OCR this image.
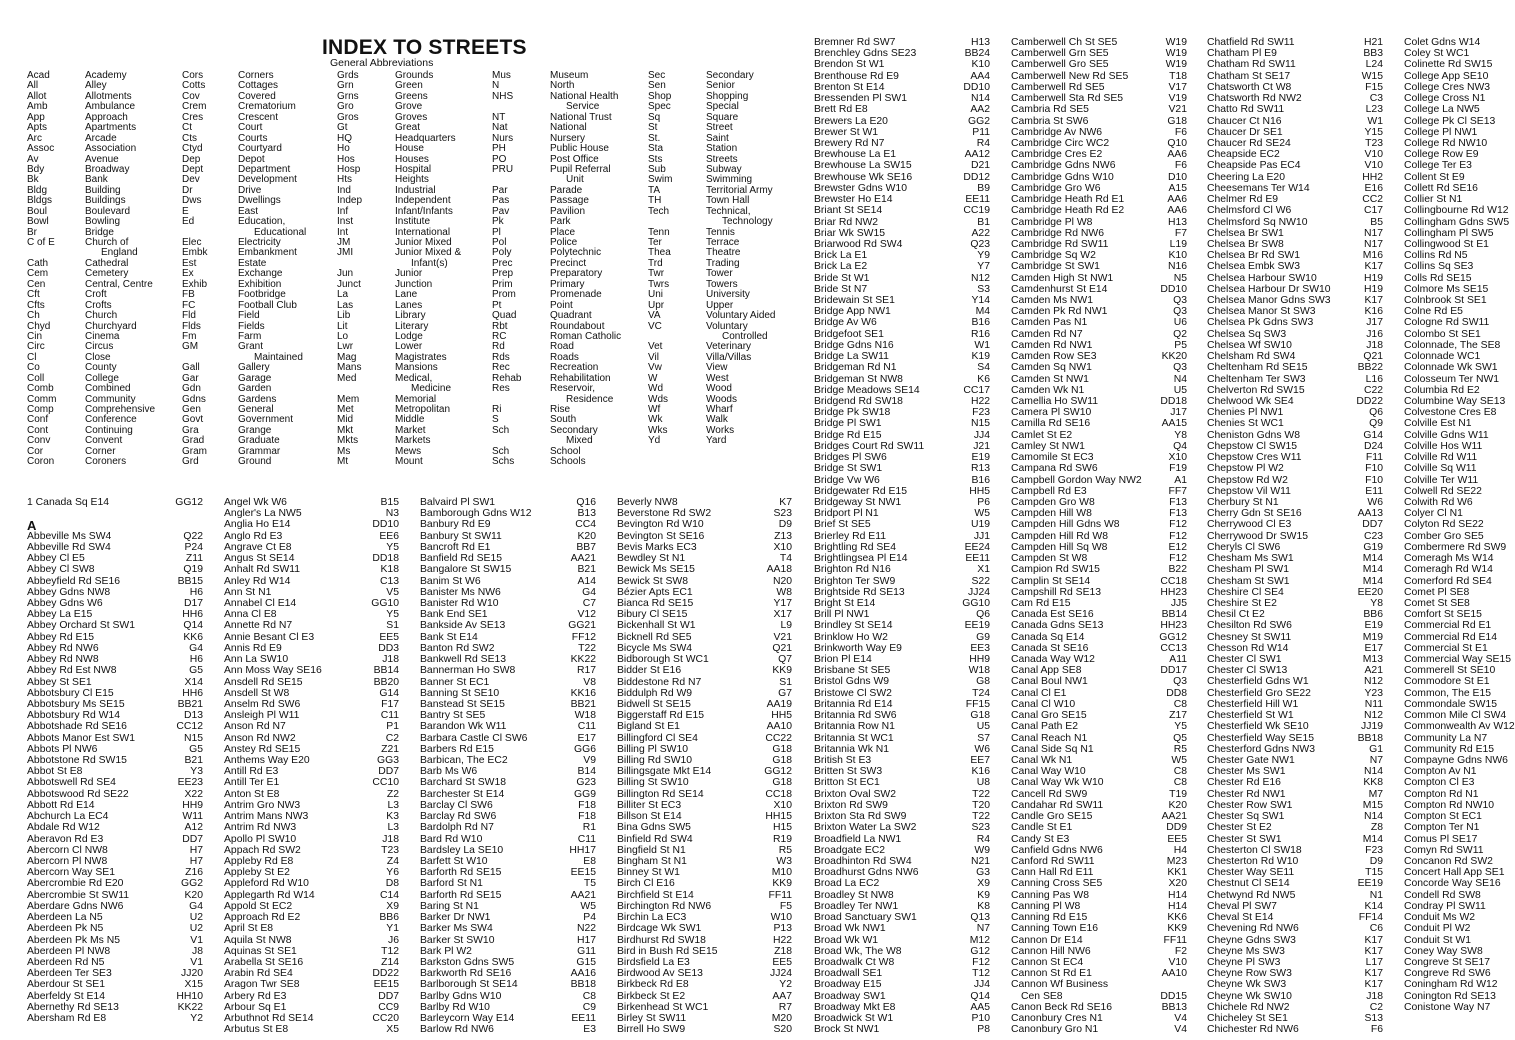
INDEX TO STREETS
General Abbreviations
Acad	Academy
All	Alley
Allot	Allotments
Amb	Ambulance
App	Approach
Apts	Apartments
Arc	Arcade
Assoc	Association
Av	Avenue
Bdy	Broadway
Bk	Bank
Bldg	Building
Bldgs	Buildings
Boul	Boulevard
Bowl	Bowling
Br	Bridge
C of E	Church of
England
Cath	Cathedral
Cem	Cemetery
Cen	Central, Centre
Cft	Croft
Cfts	Crofts
Ch	Church
Chyd	Churchyard
Cin	Cinema
Circ	Circus
Cl	Close
Co	County
Coll	College
Comb	Combined
Comm	Community
Comp	Comprehensive
Conf	Conference
Cont	Continuing
Conv	Convent
Cor	Corner
Coron	Coroners
Cors	Corners
Cotts	Cottages
Cov	Covered
Crem	Crematorium
Cres	Crescent
Ct	Court
Cts	Courts
Ctyd	Courtyard
Dep	Depot
Dept	Department
Dev	Development
Dr	Drive
Dws	Dwellings
E	East
Ed	Education,
Educational
Elec	Electricity
Embk	Embankment
Est	Estate
Ex	Exchange
Exhib	Exhibition
FB	Footbridge
FC	Football Club
Fld	Field
Flds	Fields
Fm	Farm
GM	Grant
Maintained
Gall	Gallery
Gar	Garage
Gdn	Garden
Gdns	Gardens
Gen	General
Govt	Government
Gra	Grange
Grad	Graduate
Gram	Grammar
Grd	Ground
Grds	Grounds
Grn	Green
Grns	Greens
Gro	Grove
Gros	Groves
Gt	Great
HQ	Headquarters
Ho	House
Hos	Houses
Hosp	Hospital
Hts	Heights
Ind	Industrial
Indep	Independent
Inf	Infant/Infants
Inst	Institute
Int	International
JM	Junior Mixed
JMI	Junior Mixed &
Infant(s)
Jun	Junior
Junct	Junction
La	Lane
Las	Lanes
Lib	Library
Lit	Literary
Lo	Lodge
Lwr	Lower
Mag	Magistrates
Mans	Mansions
Med	Medical,
Medicine
Mem	Memorial
Met	Metropolitan
Mid	Middle
Mkt	Market
Mkts	Markets
Ms	Mews
Mt	Mount
Mus	Museum
N	North
NHS	National Health
Service
NT	National Trust
Nat	National
Nurs	Nursery
PH	Public House
PO	Post Office
PRU	Pupil Referral
Unit
Par	Parade
Pas	Passage
Pav	Pavilion
Pk	Park
Pl	Place
Pol	Police
Poly	Polytechnic
Prec	Precinct
Prep	Preparatory
Prim	Primary
Prom	Promenade
Pt	Point
Quad	Quadrant
Rbt	Roundabout
RC	Roman Catholic
Rd	Road
Rds	Roads
Rec	Recreation
Rehab	Rehabilitation
Res	Reservoir,
Residence
Ri	Rise
S	South
Sch	Secondary
Mixed
Sch	School
Schs	Schools
Sec	Secondary
Sen	Senior
Shop	Shopping
Spec	Special
Sq	Square
St	Street
St.	Saint
Sta	Station
Sts	Streets
Sub	Subway
Swim	Swimming
TA	Territorial Army
TH	Town Hall
Tech	Technical,
Technology
Tenn	Tennis
Ter	Terrace
Thea	Theatre
Trd	Trading
Twr	Tower
Twrs	Towers
Uni	University
Upr	Upper
VA	Voluntary Aided
VC	Voluntary
Controlled
Vet	Veterinary
Vil	Villa/Villas
Vw	View
W	West
Wd	Wood
Wds	Woods
Wf	Wharf
Wk	Walk
Wks	Works
Yd	Yard
1 Canada Sq E14	GG12
A
Abbeville Ms SW4	Q22
Abbeville Rd SW4	P24
Abbey Cl E5	Z11
Abbey Cl SW8	Q19
Abbeyfield Rd SE16	BB15
Abbey Gdns NW8	H6
Abbey Gdns W6	D17
Abbey La E15	HH6
Abbey Orchard St SW1	Q14
Abbey Rd E15	KK6
Abbey Rd NW6	G4
Abbey Rd NW8	H6
Abbey Rd Est NW8	G5
Abbey St SE1	X14
Abbotsbury Cl E15	HH6
Abbotsbury Ms SE15	BB21
Abbotsbury Rd W14	D13
Abbotshade Rd SE16	CC12
Abbots Manor Est SW1	N15
Abbots Pl NW6	G5
Abbotstone Rd SW15	B21
Abbot St E8	Y3
Abbotswell Rd SE4	EE23
Abbotswood Rd SE22	X22
Abbott Rd E14	HH9
Abchurch La EC4	W11
Abdale Rd W12	A12
Aberavon Rd E3	DD7
Abercorn Cl NW8	H7
Abercorn Pl NW8	H7
Abercorn Way SE1	Z16
Abercrombie Rd E20	GG2
Abercrombie St SW11	K20
Aberdare Gdns NW6	G4
Aberdeen La N5	U2
Aberdeen Pk N5	U2
Aberdeen Pk Ms N5	V1
Aberdeen Pl NW8	J8
Aberdeen Rd N5	V1
Aberdeen Ter SE3	JJ20
Aberdour St SE1	X15
Aberfeldy St E14	HH10
Abernethy Rd SE13	KK22
Abersham Rd E8	Y2
Angel Wk W6	B15
Angler's La NW5	N3
Anglia Ho E14	DD10
Anglo Rd E3	EE6
Angrave Ct E8	Y5
Angus St SE14	DD18
Anhalt Rd SW11	K18
Anley Rd W14	C13
Ann St N1	V5
Annabel Cl E14	GG10
Anna Cl E8	Y5
Annette Rd N7	S1
Annie Besant Cl E3	EE5
Annis Rd E9	DD3
Ann La SW10	J18
Ann Moss Way SE16	BB14
Ansdell Rd SE15	BB20
Ansdell St W8	G14
Anselm Rd SW6	F17
Ansleigh Pl W11	C11
Anson Rd N7	P1
Anson Rd NW2	C2
Anstey Rd SE15	Z21
Anthems Way E20	GG3
Antill Rd E3	DD7
Antill Ter E1	CC10
Anton St E8	Z2
Antrim Gro NW3	L3
Antrim Mans NW3	K3
Antrim Rd NW3	L3
Apollo Pl SW10	J18
Appach Rd SW2	T23
Appleby Rd E8	Z4
Appleby St E2	Y6
Appleford Rd W10	D8
Applegarth Rd W14	C14
Appold St EC2	X9
Approach Rd E2	BB6
April St E8	Y1
Aquila St NW8	J6
Aquinas St SE1	T12
Arabella St SE16	Z14
Arabin Rd SE4	DD22
Aragon Twr SE8	EE15
Arbery Rd E3	DD7
Arbour Sq E1	CC9
Arbuthnot Rd SE14	CC20
Arbutus St E8	X5
Balvaird Pl SW1	Q16
Bamborough Gdns W12	B13
Banbury Rd E9	CC4
Banbury St SW11	K20
Bancroft Rd E1	BB7
Banfield Rd SE15	AA21
Bangalore St SW15	B21
Banim St W6	A14
Banister Ms NW6	G4
Banister Rd W10	C7
Bank End SE1	V12
Bankside Av SE13	GG21
Bank St E14	FF12
Banton Rd SW2	T22
Bankwell Rd SE13	KK22
Bannerman Ho SW8	R17
Banner St EC1	V8
Banning St SE10	KK16
Banstead St SE15	BB21
Bantry St SE5	W18
Barandon Wk W11	C11
Barbara Castle Cl SW6	E17
Barbers Rd E15	GG6
Barbican, The EC2	V9
Barb Ms W6	B14
Barchard St SW18	G23
Barchester St E14	GG9
Barclay Cl SW6	F18
Barclay Rd SW6	F18
Bardolph Rd N7	R1
Bard Rd W10	C11
Bardsley La SE10	HH17
Barfett St W10	E8
Barforth Rd SE15	EE15
Barford St N1	T5
Barforth Rd SE15	AA21
Baring St N1	W5
Barker Dr NW1	P4
Barker Ms SW4	N22
Barker St SW10	H17
Bark Pl W2	G11
Barkston Gdns SW5	G15
Barkworth Rd SE16	AA16
Barlborough St SE14	BB18
Barlby Gdns W10	C8
Barlby Rd W10	C9
Barleycorn Way E14	EE11
Barlow Rd NW6	E3
Beverly NW8	K7
Beverstone Rd SW2	S23
Bevington Rd W10	D9
Bevington St SE16	Z13
Bevis Marks EC3	X10
Bewdley St N1	T4
Bewick Ms SE15	AA18
Bewick St SW8	N20
Bézier Apts EC1	W8
Bianca Rd SE15	Y17
Bibury Cl SE15	X17
Bickenhall St W1	L9
Bicknell Rd SE5	V21
Bicycle Ms SW4	Q21
Bidborough St WC1	Q7
Bidder St E16	KK9
Biddestone Rd N7	S1
Biddulph Rd W9	G7
Bidwell St SE15	AA19
Biggerstaff Rd E15	HH5
Bigland St E1	AA10
Billingford Cl SE4	CC22
Billing Pl SW10	G18
Billing Rd SW10	G18
Billingsgate Mkt E14	GG12
Billing St SW10	G18
Billington Rd SE14	CC18
Billiter St EC3	X10
Billson St E14	HH15
Bina Gdns SW5	H15
Binfield Rd SW4	R19
Bingfield St N1	R5
Bingham St N1	W3
Binney St W1	M10
Birch Cl E16	KK9
Birchfield St E14	FF11
Birchington Rd NW6	F5
Birchin La EC3	W10
Birdcage Wk SW1	P13
Birdhurst Rd SW18	H22
Bird in Bush Rd SE15	Z18
Birdsfield La E3	EE5
Birdwood Av SE13	JJ24
Birkbeck Rd E8	Y2
Birkbeck St E2	AA7
Birkenhead St WC1	R7
Birley St SW11	M20
Birrell Ho SW9	S20
Bremner Rd SW7	H13
Brenchley Gdns SE23	BB24
Brendon St W1	K10
Brenthouse Rd E9	AA4
Brenton St E14	DD10
Bressenden Pl SW1	N14
Brett Rd E8	AA2
Brewers La E20	GG2
Brewer St W1	P11
Brewery Rd N7	R4
Brewhouse La E1	AA12
Brewhouse La SW15	D21
Brewhouse Wk SE16	DD12
Brewster Gdns W10	B9
Brewster Ho E14	EE11
Briant St SE14	CC19
Briar Rd NW2	B1
Briar Wk SW15	A22
Briarwood Rd SW4	Q23
Brick La E1	Y9
Brick La E2	Y7
Bride St W1	N12
Bride St N7	S3
Bridewain St SE1	Y14
Bridge App NW1	M4
Bridge Av W6	B16
Bridgefoot SE1	R16
Bridge Gdns N16	W1
Bridge La SW11	K19
Bridgeman Rd N1	S4
Bridgeman St NW8	K6
Bridge Meadows SE14	CC17
Bridgend Rd SW18	H22
Bridge Pk SW18	F23
Bridge Pl SW1	N15
Bridge Rd E15	JJ4
Bridges Court Rd SW11	J21
Bridges Pl SW6	E19
Bridge St SW1	R13
Bridge Vw W6	B16
Bridgewater Rd E15	HH5
Bridgeway St NW1	P6
Bridport Pl N1	W5
Brief St SE5	U19
Brierley Rd E11	JJ1
Brightling Rd SE4	EE24
Brightlingsea Pl E14	EE11
Brighton Rd N16	X1
Brighton Ter SW9	S22
Brightside Rd SE13	JJ24
Bright St E14	GG10
Brill Pl NW1	Q6
Brindley St SE14	EE19
Brinklow Ho W2	G9
Brinkworth Way E9	EE3
Brion Pl E14	HH9
Brisbane St SE5	W18
Bristol Gdns W9	G8
Bristowe Cl SW2	T24
Britannia Rd E14	FF15
Britannia Rd SW6	G18
Britannia Row N1	U5
Britannia St WC1	S7
Britannia Wk N1	W6
British St E3	EE7
Britten St SW3	K16
Britton St EC1	U8
Brixton Oval SW2	T22
Brixton Rd SW9	T20
Brixton Sta Rd SW9	T22
Brixton Water La SW2	S23
Broadfield La NW1	R4
Broadgate EC2	W9
Broadhinton Rd SW4	N21
Broadhurst Gdns NW6	G3
Broad La EC2	X9
Broadley St NW8	K9
Broadley Ter NW1	K8
Broad Sanctuary SW1	Q13
Broad Wk NW1	N7
Broad Wk W1	M12
Broad Wk, The W8	G12
Broadwalk Ct W8	F12
Broadwall SE1	T12
Broadway E15	JJ4
Broadway SW1	Q14
Broadway Mkt E8	AA5
Broadwick St W1	P10
Brock St NW1	P8
Camberwell Ch St SE5	W19
Camberwell Grn SE5	W19
Camberwell Gro SE5	W19
Camberwell New Rd SE5	T18
Camberwell Rd SE5	V17
Camberwell Sta Rd SE5	V19
Cambria Rd SE5	V21
Cambria St SW6	G18
Cambridge Av NW6	F6
Cambridge Circ WC2	Q10
Cambridge Cres E2	AA6
Cambridge Gdns NW6	F6
Cambridge Gdns W10	D10
Cambridge Gro W6	A15
Cambridge Heath Rd E1	AA6
Cambridge Heath Rd E2	AA6
Cambridge Pl W8	H13
Cambridge Rd NW6	F7
Cambridge Rd SW11	L19
Cambridge Sq W2	K10
Cambridge St SW1	N16
Camden High St NW1	N5
Camdenhurst St E14	DD10
Camden Ms NW1	Q3
Camden Pk Rd NW1	Q3
Camden Pas N1	U6
Camden Rd N7	Q2
Camden Rd NW1	P5
Camden Row SE3	KK20
Camden Sq NW1	Q3
Camden St NW1	N4
Camden Wk N1	U5
Camellia Ho SW11	DD18
Camera Pl SW10	J17
Camilla Rd SE16	AA15
Camlet St E2	Y8
Camley St NW1	Q4
Camomile St EC3	X10
Campana Rd SW6	F19
Campbell Gordon Way NW2	A1
Campbell Rd E3	FF7
Campden Gro W8	F13
Campden Hill W8	F13
Campden Hill Gdns W8	F12
Campden Hill Rd W8	F12
Campden Hill Sq W8	E12
Campden St W8	F12
Campion Rd SW15	B22
Camplin St SE14	CC18
Campshill Rd SE13	HH23
Cam Rd E15	JJ5
Canada Est SE16	BB14
Canada Gdns SE13	HH23
Canada Sq E14	GG12
Canada St SE16	CC13
Canada Way W12	A11
Canal App SE8	DD17
Canal Boul NW1	Q3
Canal Cl E1	DD8
Canal Cl W10	C8
Canal Gro SE15	Z17
Canal Path E2	Y5
Canal Reach N1	Q5
Canal Side Sq N1	R5
Canal Wk N1	W5
Canal Way W10	C8
Canal Way Wk W10	C8
Cancell Rd SW9	T19
Candahar Rd SW11	K20
Candle Gro SE15	AA21
Candle St E1	DD9
Candy St E3	EE5
Canfield Gdns NW6	H4
Canford Rd SW11	M23
Cann Hall Rd E11	KK1
Canning Cross SE5	X20
Canning Pas W8	H14
Canning Pl W8	H14
Canning Rd E15	KK6
Canning Town E16	KK9
Cannon Dr E14	FF11
Cannon Hill NW6	F2
Cannon St EC4	V10
Cannon St Rd E1	AA10
Cannon Wf Business
Cen SE8	DD15
Canon Beck Rd SE16	BB13
Canonbury Cres N1	V4
Canonbury Gro N1	V4
Chatfield Rd SW11	H21
Chatham Pl E9	BB3
Chatham Rd SW11	L24
Chatham St SE17	W15
Chatsworth Ct W8	F15
Chatsworth Rd NW2	C3
Chatto Rd SW11	L23
Chaucer Ct N16	W1
Chaucer Dr SE1	Y15
Chaucer Rd SE24	T23
Cheapside EC2	V10
Cheapside Pas EC4	V10
Cheering La E20	HH2
Cheesemans Ter W14	E16
Chelmer Rd E9	CC2
Chelmsford Cl W6	C17
Chelmsford Sq NW10	B5
Chelsea Br SW1	N17
Chelsea Br SW8	N17
Chelsea Br Rd SW1	M16
Chelsea Embk SW3	K17
Chelsea Harbour SW10	H19
Chelsea Harbour Dr SW10	H19
Chelsea Manor Gdns SW3	K17
Chelsea Manor St SW3	K16
Chelsea Pk Gdns SW3	J17
Chelsea Sq SW3	J16
Chelsea Wf SW10	J18
Chelsham Rd SW4	Q21
Cheltenham Rd SE15	BB22
Cheltenham Ter SW3	L16
Chelverton Rd SW15	C22
Chelwood Wk SE4	DD22
Chenies Pl NW1	Q6
Chenies St WC1	Q9
Cheniston Gdns W8	G14
Chepstow Cl SW15	D24
Chepstow Cres W11	F11
Chepstow Pl W2	F10
Chepstow Rd W2	F10
Chepstow Vil W11	E11
Cherbury St N1	W6
Cherry Gdn St SE16	AA13
Cherrywood Cl E3	DD7
Cherrywood Dr SW15	C23
Cheryls Cl SW6	G19
Chesham Ms SW1	M14
Chesham Pl SW1	M14
Chesham St SW1	M14
Cheshire Cl SE4	EE20
Cheshire St E2	Y8
Chesil Ct E2	BB6
Chesilton Rd SW6	E19
Chesney St SW11	M19
Chesson Rd W14	E17
Chester Cl SW1	M13
Chester Cl SW13	A21
Chesterfield Gdns W1	N12
Chesterfield Gro SE22	Y23
Chesterfield Hill W1	N11
Chesterfield St W1	N12
Chesterfield Wk SE10	JJ19
Chesterfield Way SE15	BB18
Chesterford Gdns NW3	G1
Chester Gate NW1	N7
Chester Ms SW1	N14
Chester Rd E16	KK8
Chester Rd NW1	M7
Chester Row SW1	M15
Chester Sq SW1	N14
Chester St E2	Z8
Chester St SW1	M14
Chesterton Cl SW18	F23
Chesterton Rd W10	D9
Chester Way SE11	T15
Chestnut Cl SE14	EE19
Chetwynd Rd NW5	N1
Cheval Pl SW7	K14
Cheval St E14	FF14
Chevening Rd NW6	C6
Cheyne Gdns SW3	K17
Cheyne Ms SW3	K17
Cheyne Pl SW3	L17
Cheyne Row SW3	K17
Cheyne Wk SW3	K17
Cheyne Wk SW10	J18
Chichele Rd NW2	C2
Chicheley St SE1	S13
Chichester Rd NW6	F6
Colet Gdns W14
Coley St WC1
Colinette Rd SW15
College App SE10
College Cres NW3
College Cross N1
College La NW5
College Pk Cl SE13
College Pl NW1
College Rd NW10
College Row E9
College Ter E3
Collent St E9
Collett Rd SE16
Collier St N1
Collingbourne Rd W12
Collingham Gdns SW5
Collingham Pl SW5
Collingwood St E1
Collins Rd N5
Collins Sq SE3
Colls Rd SE15
Colmore Ms SE15
Colnbrook St SE1
Colne Rd E5
Cologne Rd SW11
Colombo St SE1
Colonnade, The SE8
Colonnade WC1
Colonnade Wk SW1
Colosseum Ter NW1
Columbia Rd E2
Columbine Way SE13
Colvestone Cres E8
Colville Est N1
Colville Gdns W11
Colville Hos W11
Colville Rd W11
Colville Sq W11
Colville Ter W11
Colwell Rd SE22
Colwith Rd W6
Colyer Cl N1
Colyton Rd SE22
Comber Gro SE5
Combermere Rd SW9
Comeragh Ms W14
Comeragh Rd W14
Comerford Rd SE4
Comet Pl SE8
Comet St SE8
Comfort St SE15
Commercial Rd E1
Commercial Rd E14
Commercial St E1
Commercial Way SE15
Commerell St SE10
Commodore St E1
Common, The E15
Commondale SW15
Common Mile Cl SW4
Commonwealth Av W12
Community La N7
Community Rd E15
Compayne Gdns NW6
Compton Av N1
Compton Cl E3
Compton Rd N1
Compton Rd NW10
Compton St EC1
Compton Ter N1
Comus Pl SE17
Comyn Rd SW11
Concanon Rd SW2
Concert Hall App SE1
Concorde Way SE16
Condell Rd SW8
Condray Pl SW11
Conduit Ms W2
Conduit Pl W2
Conduit St W1
Coney Way SW8
Congreve St SE17
Congreve Rd SW6
Coningham Rd W12
Conington Rd SE13
Conistone Way N7
